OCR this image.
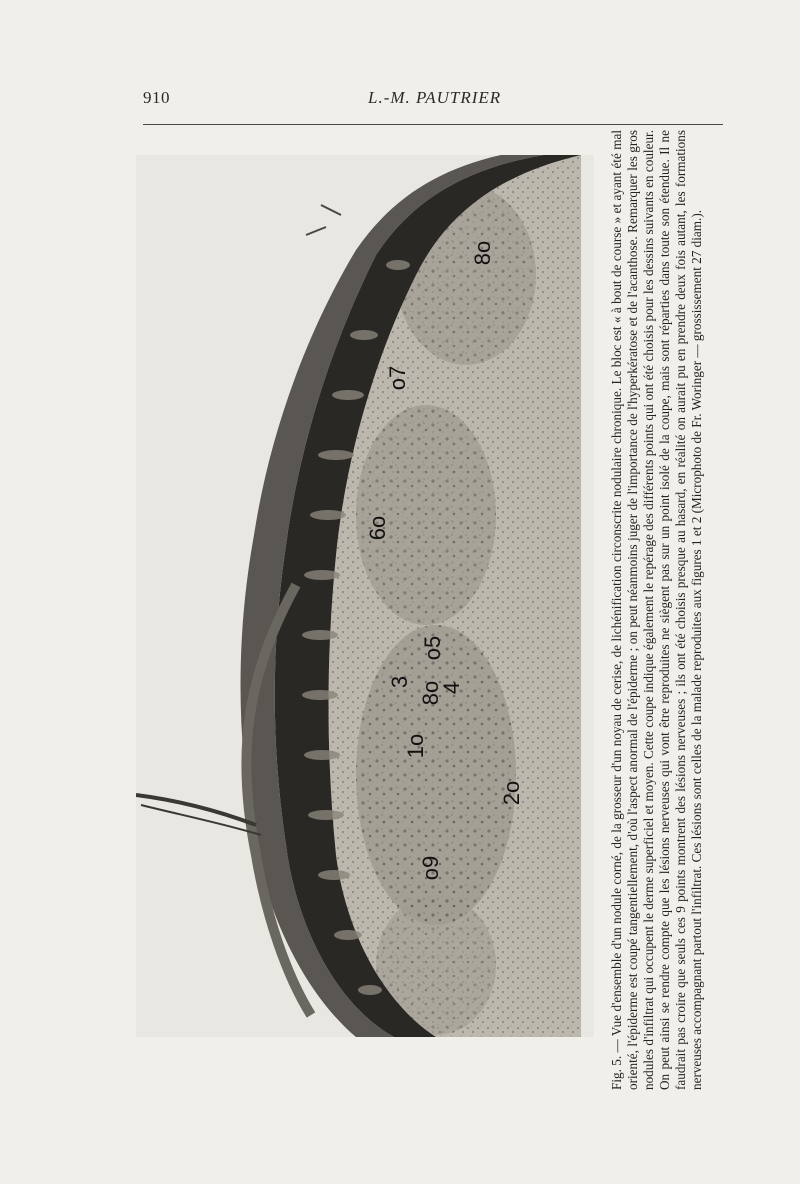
910	L.-M. PAUTRIER
1o
2o
3 4
o5
6o
o7
8o
8o
o9	Fig. 5. — Vue d'ensemble d'un nodule corné, de la grosseur d'un noyau de cerise, de lichénification circonscrite nodulaire chronique. Le bloc est « à bout de course » et ayant été mal orienté, l'épiderme est coupé tangentiellement, d'où l'aspect anormal de l'épiderme ; on peut néanmoins juger de l'importance de l'hyperkératose et de l'acanthose. Remarquer les gros nodules d'infiltrat qui occupent le derme superficiel et moyen. Cette coupe indique également le repérage des différents points qui ont été choisis pour les dessins suivants en couleur. On peut ainsi se rendre compte que les lésions nerveuses qui vont être reproduites ne siègent pas sur un point isolé de la coupe, mais sont réparties dans toute son étendue. Il ne faudrait pas croire que seuls ces 9 points montrent des lésions nerveuses ; ils ont été choisis presque au hasard, en réalité on aurait pu en prendre deux fois autant, les formations nerveuses accompagnant partout l'infiltrat. Ces lésions sont celles de la malade reproduites aux figures 1 et 2 (Microphoto de Fr. Woringer — grossissement 27 diam.).
